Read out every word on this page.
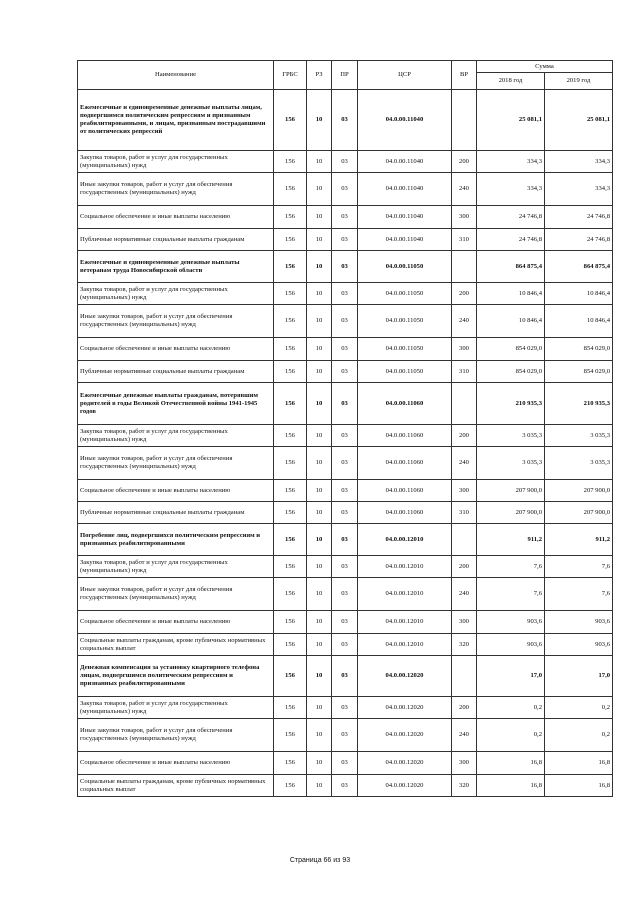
Наименование	ГРБС	РЗ	ПР	ЦСР	ВР	Сумма	
						2018 год	2019 год
Ежемесячные и единовременные денежные выплаты лицам, подвергшимся политическим репрессиям и признанным реабилитированными, и лицам, признанным пострадавшими от политических репрессий	156	10	03	04.0.00.11040		25 081,1	25 081,1
Закупка товаров, работ и услуг для государственных (муниципальных) нужд	156	10	03	04.0.00.11040	200	334,3	334,3
Иные закупки товаров, работ и услуг для обеспечения государственных (муниципальных) нужд	156	10	03	04.0.00.11040	240	334,3	334,3
Социальное обеспечение и иные выплаты населению	156	10	03	04.0.00.11040	300	24 746,8	24 746,8
Публичные нормативные социальные выплаты гражданам	156	10	03	04.0.00.11040	310	24 746,8	24 746,8
Ежемесячные и единовременные денежные выплаты ветеранам труда Новосибирской области	156	10	03	04.0.00.11050		864 875,4	864 875,4
Закупка товаров, работ и услуг для государственных (муниципальных) нужд	156	10	03	04.0.00.11050	200	10 846,4	10 846,4
Иные закупки товаров, работ и услуг для обеспечения государственных (муниципальных) нужд	156	10	03	04.0.00.11050	240	10 846,4	10 846,4
Социальное обеспечение и иные выплаты населению	156	10	03	04.0.00.11050	300	854 029,0	854 029,0
Публичные нормативные социальные выплаты гражданам	156	10	03	04.0.00.11050	310	854 029,0	854 029,0
Ежемесячные денежные выплаты гражданам, потерявшим родителей в годы Великой Отечественной войны 1941-1945 годов	156	10	03	04.0.00.11060		210 935,3	210 935,3
Закупка товаров, работ и услуг для государственных (муниципальных) нужд	156	10	03	04.0.00.11060	200	3 035,3	3 035,3
Иные закупки товаров, работ и услуг для обеспечения государственных (муниципальных) нужд	156	10	03	04.0.00.11060	240	3 035,3	3 035,3
Социальное обеспечение и иные выплаты населению	156	10	03	04.0.00.11060	300	207 900,0	207 900,0
Публичные нормативные социальные выплаты гражданам	156	10	03	04.0.00.11060	310	207 900,0	207 900,0
Погребение лиц, подвергшихся политическим репрессиям и признанных реабилитированными	156	10	03	04.0.00.12010		911,2	911,2
Закупка товаров, работ и услуг для государственных (муниципальных) нужд	156	10	03	04.0.00.12010	200	7,6	7,6
Иные закупки товаров, работ и услуг для обеспечения государственных (муниципальных) нужд	156	10	03	04.0.00.12010	240	7,6	7,6
Социальное обеспечение и иные выплаты населению	156	10	03	04.0.00.12010	300	903,6	903,6
Социальные выплаты гражданам, кроме публичных нормативных социальных выплат	156	10	03	04.0.00.12010	320	903,6	903,6
Денежная компенсация за установку квартирного телефона лицам, подвергшимся политическим репрессиям и признанных реабилитированными	156	10	03	04.0.00.12020		17,0	17,0
Закупка товаров, работ и услуг для государственных (муниципальных) нужд	156	10	03	04.0.00.12020	200	0,2	0,2
Иные закупки товаров, работ и услуг для обеспечения государственных (муниципальных) нужд	156	10	03	04.0.00.12020	240	0,2	0,2
Социальное обеспечение и иные выплаты населению	156	10	03	04.0.00.12020	300	16,8	16,8
Социальные выплаты гражданам, кроме публичных нормативных социальных выплат	156	10	03	04.0.00.12020	320	16,8	16,8
Страница 66 из 93
